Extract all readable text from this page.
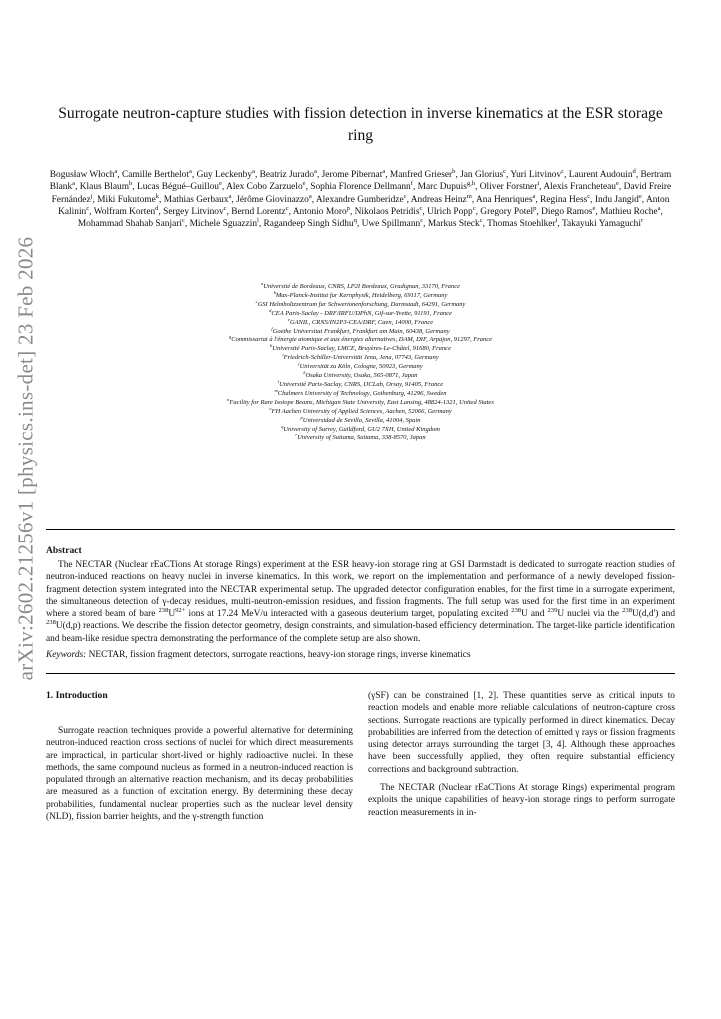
arXiv:2602.21256v1 [physics.ins-det] 23 Feb 2026
Surrogate neutron-capture studies with fission detection in inverse kinematics at the ESR storage ring
Bogusław Włoch$^a$, Camille Berthelot$^a$, Guy Leckenby$^a$, Beatriz Jurado$^a$, Jerome Pibernat$^a$, Manfred Grieser$^b$, Jan Glorius$^c$, Yuri Litvinov$^c$, Laurent Audouin$^d$, Bertram Blank$^a$, Klaus Blaum$^b$, Lucas Bégué–Guillou$^e$, Alex Cobo Zarzuelo$^e$, Sophia Florence Dellmann$^f$, Marc Dupuis$^{g,h}$, Oliver Forstner$^i$, Alexis Francheteau$^e$, David Freire Fernández$^j$, Miki Fukutome$^k$, Mathias Gerbaux$^a$, Jérôme Giovinazzo$^a$, Alexandre Gumberidze$^c$, Andreas Heinz$^m$, Ana Henriques$^a$, Regina Hess$^c$, Indu Jangid$^e$, Anton Kalinin$^c$, Wolfram Korten$^d$, Sergey Litvinov$^c$, Bernd Lorentz$^c$, Antonio Moro$^p$, Nikolaos Petridis$^c$, Ulrich Popp$^c$, Gregory Potel$^p$, Diego Ramos$^e$, Mathieu Roche$^a$, Mohammad Shahab Sanjari$^c$, Michele Sguazzin$^l$, Ragandeep Singh Sidhu$^q$, Uwe Spillmann$^c$, Markus Steck$^c$, Thomas Stoehlker$^i$, Takayuki Yamaguchi$^r$
$^a$Université de Bordeaux, CNRS, LP2I Bordeaux, Gradignan, 33170, France
$^b$Max-Planck-Institut fur Kernphysik, Heidelberg, 69117, Germany
$^c$GSI Helmholtzzentrum fur Schwerionenforschung, Darmstadt, 64291, Germany
$^d$CEA Paris-Saclay - DRF/IRFU/DPhN, Gif-sur-Yvette, 91191, France
$^e$GANIL, CRNS/IN2P3-CEA/DRF, Caen, 14000, France
$^f$Goethe Universitat Frankfurt, Frankfurt am Main, 60438, Germany
$^g$Commissariat à l'énergie atomique et aux énergies alternatives, DAM, DIF, Arpajon, 91297, France
$^h$Université Paris-Saclay, LMCE, Bruyères-Le-Châtel, 91680, France
$^i$Friedrich-Schiller-Universität Jena, Jena, 07743, Germany
$^j$Universität zu Köln, Cologne, 50923, Germany
$^k$Osaka University, Osaka, 565-0871, Japan
$^l$Université Paris-Saclay, CNRS, IJCLab, Orsay, 91405, France
$^m$Chalmers University of Technology, Gothenburg, 41296, Sweden
$^n$Facility for Rare Isotope Beams, Michigan State University, East Lansing, 48824-1321, United States
$^o$FH Aachen University of Applied Sciences, Aachen, 52066, Germany
$^p$Universidad de Sevilla, Sevilla, 41004, Spain
$^q$University of Surrey, Guildford, GU2 7XH, United Kingdom
$^r$University of Saitama, Saitama, 338-8570, Japan
Abstract
The NECTAR (Nuclear rEaCTions At storage Rings) experiment at the ESR heavy-ion storage ring at GSI Darmstadt is dedicated to surrogate reaction studies of neutron-induced reactions on heavy nuclei in inverse kinematics. In this work, we report on the implementation and performance of a newly developed fission-fragment detection system integrated into the NECTAR experimental setup. The upgraded detector configuration enables, for the first time in a surrogate experiment, the simultaneous detection of γ-decay residues, multi-neutron-emission residues, and fission fragments. The full setup was used for the first time in an experiment where a stored beam of bare $^{238}U^{92+}$ ions at 17.24 MeV/u interacted with a gaseous deuterium target, populating excited $^{238}$U and $^{239}$U nuclei via the $^{238}$U(d,d') and $^{238}$U(d,p) reactions. We describe the fission detector geometry, design constraints, and simulation-based efficiency determination. The target-like particle identification and beam-like residue spectra demonstrating the performance of the complete setup are also shown.
Keywords: NECTAR, fission fragment detectors, surrogate reactions, heavy-ion storage rings, inverse kinematics
1. Introduction

Surrogate reaction techniques provide a powerful alternative for determining neutron-induced reaction cross sections of nuclei for which direct measurements are impractical, in particular short-lived or highly radioactive nuclei. In these methods, the same compound nucleus as formed in a neutron-induced reaction is populated through an alternative reaction mechanism, and its decay probabilities are measured as a function of excitation energy. By determining these decay probabilities, fundamental nuclear properties such as the nuclear level density (NLD), fission barrier heights, and the γ-strength function

(γSF) can be constrained [1, 2]. These quantities serve as critical inputs to reaction models and enable more reliable calculations of neutron-capture cross sections. Surrogate reactions are typically performed in direct kinematics. Decay probabilities are inferred from the detection of emitted γ rays or fission fragments using detector arrays surrounding the target [3, 4]. Although these approaches have been successfully applied, they often require substantial efficiency corrections and background subtraction.

The NECTAR (Nuclear rEaCTions At storage Rings) experimental program exploits the unique capabilities of heavy-ion storage rings to perform surrogate reaction measurements in in-
